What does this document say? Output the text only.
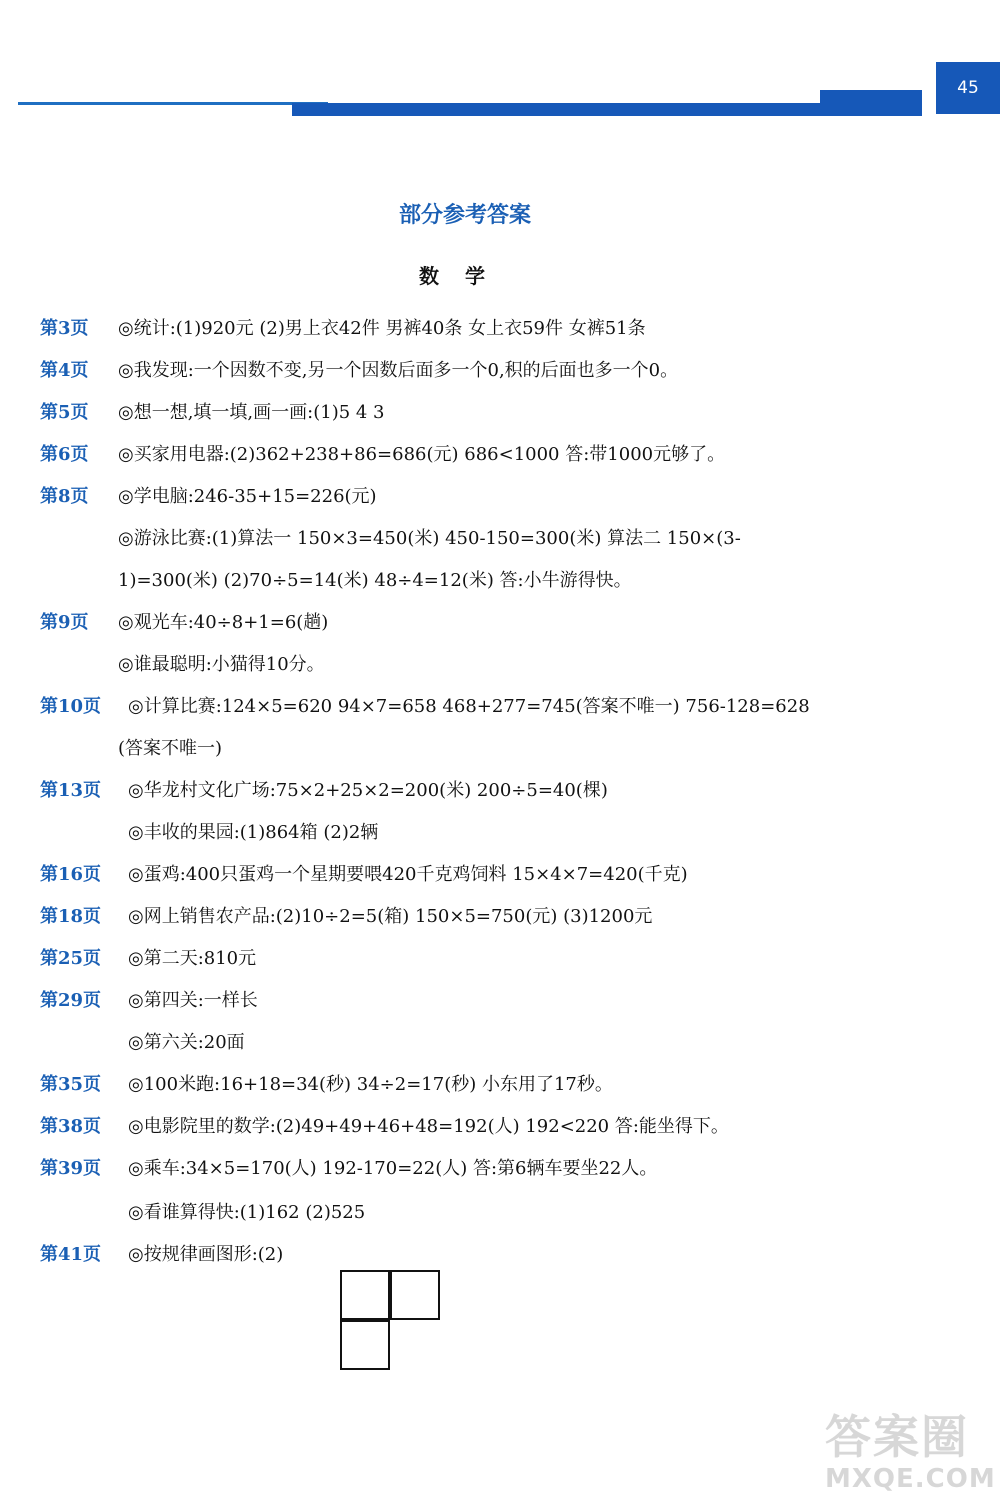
45
部分参考答案
数学
第3页 ◎统计:(1)920元 (2)男上衣42件 男裤40条 女上衣59件 女裤51条
第4页 ◎我发现:一个因数不变,另一个因数后面多一个0,积的后面也多一个0。
第5页 ◎想一想,填一填,画一画:(1)5 4 3
第6页 ◎买家用电器:(2)362+238+86=686(元) 686<1000 答:带1000元够了。
第8页 ◎学电脑:246-35+15=226(元)
◎游泳比赛:(1)算法一 150×3=450(米) 450-150=300(米) 算法二 150×(3-
1)=300(米) (2)70÷5=14(米) 48÷4=12(米) 答:小牛游得快。
第9页 ◎观光车:40÷8+1=6(趟)
◎谁最聪明:小猫得10分。
第10页 ◎计算比赛:124×5=620 94×7=658 468+277=745(答案不唯一) 756-128=628
(答案不唯一)
第13页 ◎华龙村文化广场:75×2+25×2=200(米) 200÷5=40(棵)
◎丰收的果园:(1)864箱 (2)2辆
第16页 ◎蛋鸡:400只蛋鸡一个星期要喂420千克鸡饲料 15×4×7=420(千克)
第18页 ◎网上销售农产品:(2)10÷2=5(箱) 150×5=750(元) (3)1200元
第25页 ◎第二天:810元
第29页 ◎第四关:一样长
◎第六关:20面
第35页 ◎100米跑:16+18=34(秒) 34÷2=17(秒) 小东用了17秒。
第38页 ◎电影院里的数学:(2)49+49+46+48=192(人) 192<220 答:能坐得下。
第39页 ◎乘车:34×5=170(人) 192-170=22(人) 答:第6辆车要坐22人。
◎看谁算得快:(1)162 (2)525
第41页 ◎按规律画图形:(2)
答案圈
MXQE.COM
